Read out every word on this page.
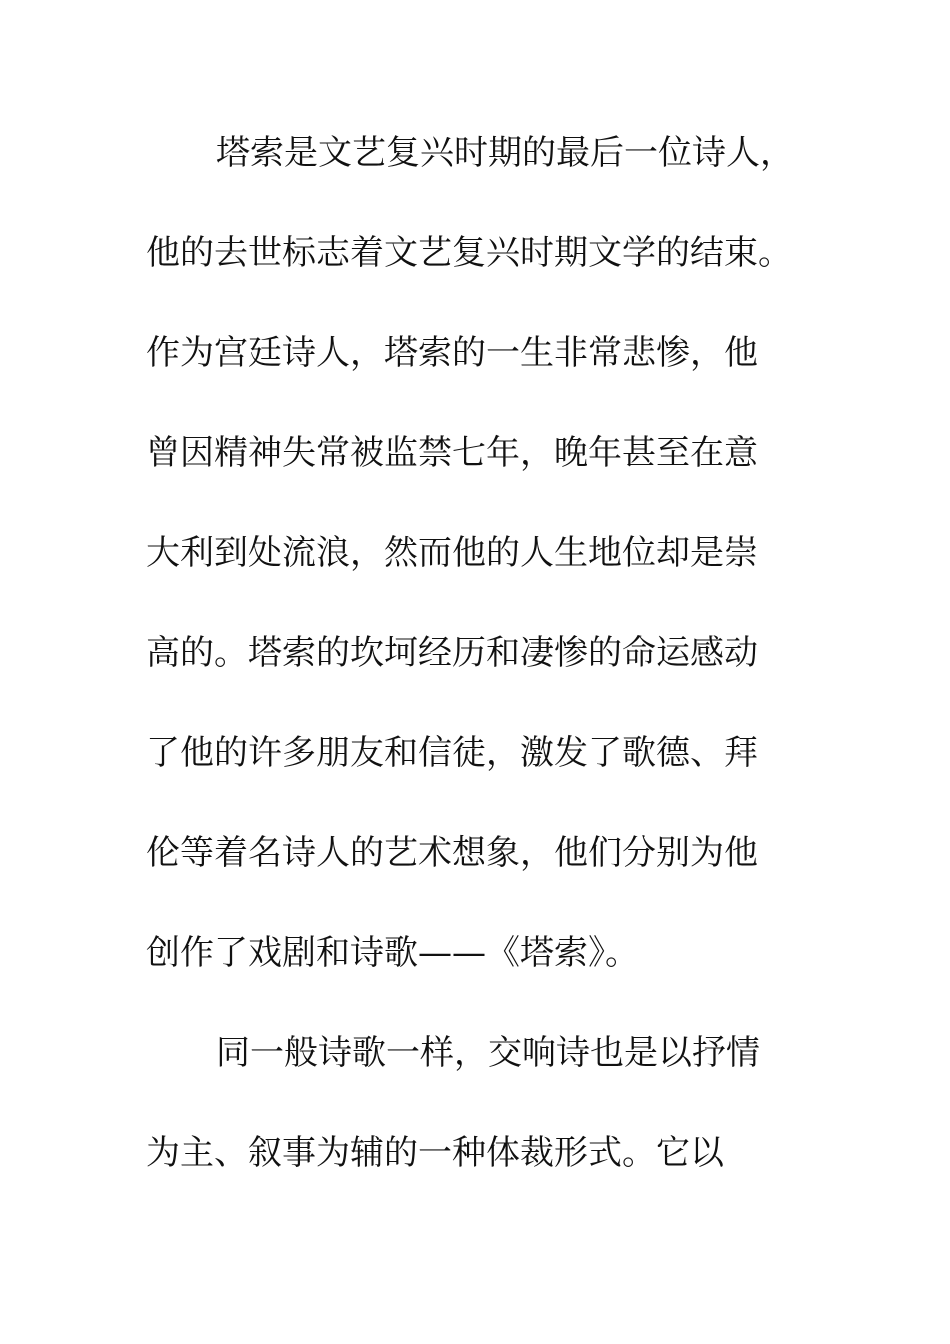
塔索是文艺复兴时期的最后一位诗人，
他的去世标志着文艺复兴时期文学的结束。
作为宫廷诗人，塔索的一生非常悲惨，他
曾因精神失常被监禁七年，晚年甚至在意
大利到处流浪，然而他的人生地位却是崇
高的。塔索的坎坷经历和凄惨的命运感动
了他的许多朋友和信徒，激发了歌德、拜
伦等着名诗人的艺术想象，他们分别为他
创作了戏剧和诗歌——《塔索》。
同一般诗歌一样，交响诗也是以抒情
为主、叙事为辅的一种体裁形式。它以
